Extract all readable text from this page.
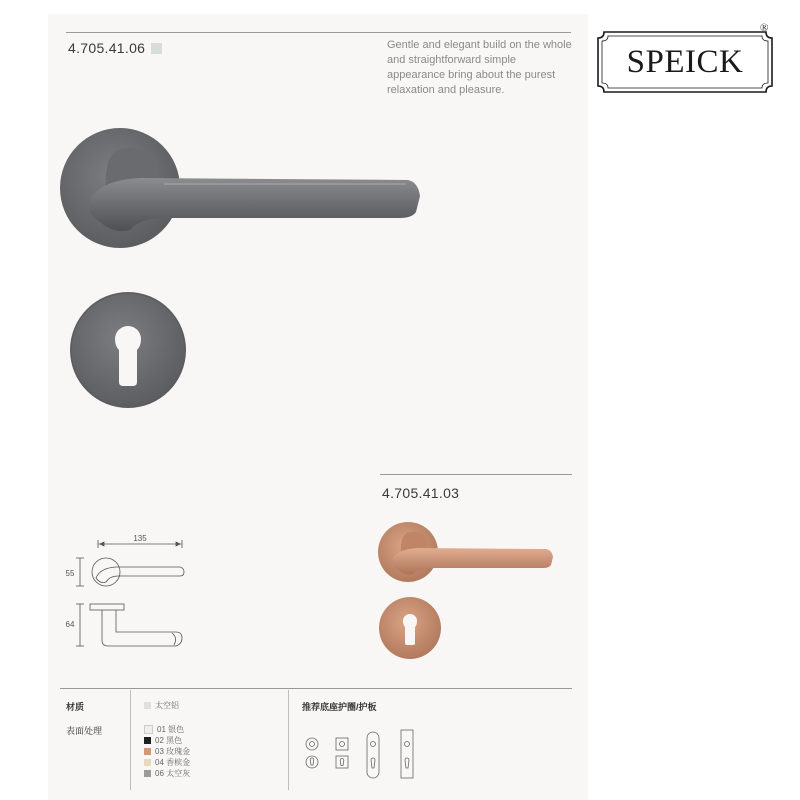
4.705.41.06	Gentle and elegant build on the whole and straightforward simple appearance bring about the purest relaxation and pleasure.
SPEICK
®
4.705.41.03
135
55
64
材质
表面处理
太空铝
01 银色
02 黑色
03 玫瑰金
04 香槟金
06 太空灰
推荐底座护圈/护板
